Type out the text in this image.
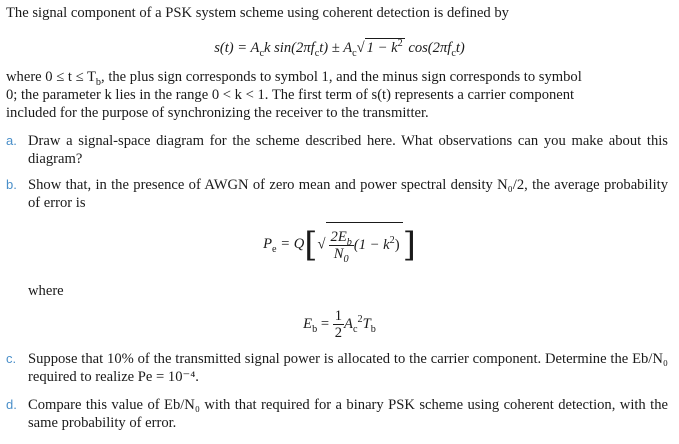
The signal component of a PSK system scheme using coherent detection is defined by
$s(t) = A_ck$ $\sin(2\pi f_ct) \pm A_c√$ $1 - k^2$ $\cos(2\pi f_ct)$
where $0 \le t \le T_b$, the plus sign corresponds to symbol 1, and the minus sign corresponds to symbol
0; the parameter k lies in the range 0 < k < 1. The first term of s(t) represents a carrier component
included for the purpose of synchronizing the receiver to the transmitter.
a. Draw a signal-space diagram for the scheme described here. What observations can you make about this diagram?
b. Show that, in the presence of AWGN of zero mean and power spectral density N₀/2, the average probability of error is
$P_e = Q[√ \frac{2E_b}{N_0} (1 - k^2)]$
where
$E_b = \frac{1}{2} A_c^2T_b$
c. Suppose that 10% of the transmitted signal power is allocated to the carrier component. Determine the Eb/N₀ required to realize Pe = 10⁻⁴.
d. Compare this value of Eb/N₀ with that required for a binary PSK scheme using coherent detection, with the same probability of error.
